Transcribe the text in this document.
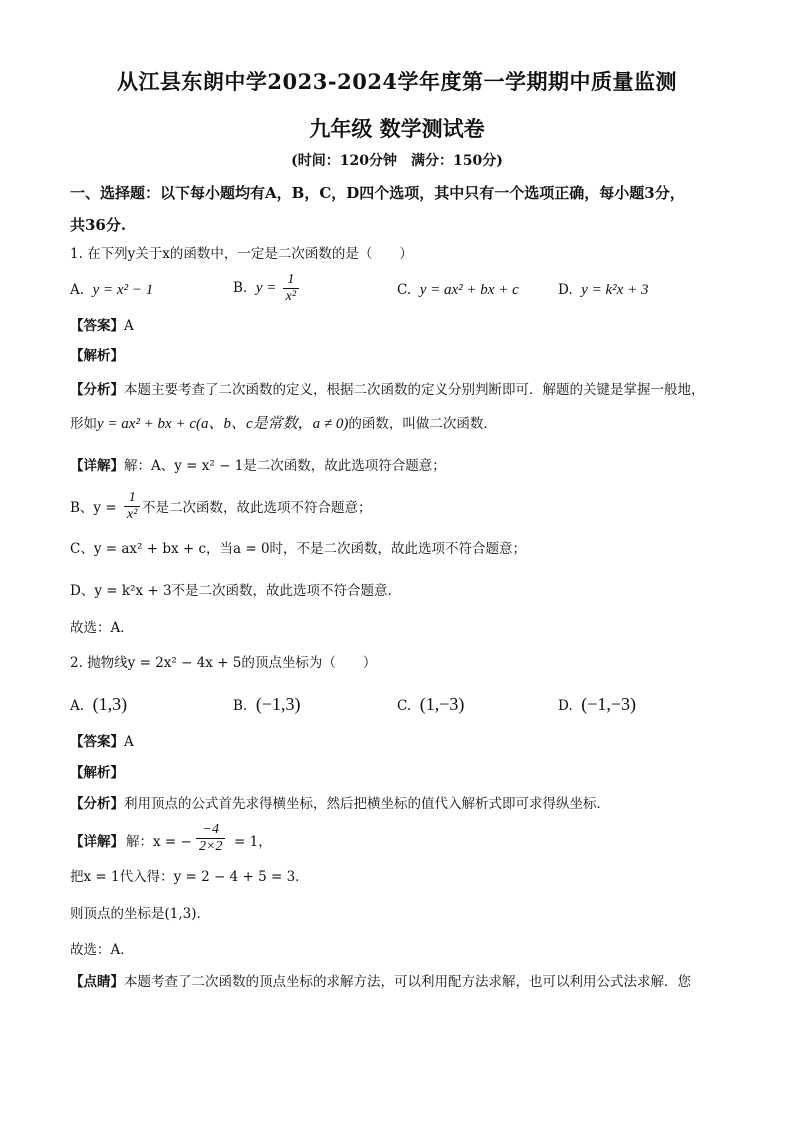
从江县东朗中学2023-2024学年度第一学期期中质量监测
九年级 数学测试卷
(时间：120分钟　满分：150分)
一、选择题：以下每小题均有A，B，C，D四个选项，其中只有一个选项正确，每小题3分，
共36分.
1. 在下列y关于x的函数中，一定是二次函数的是（　　）
A. y = x² − 1	B. $y = \frac{1}{\text{x²}}$	C. y = ax² + bx + c	D. y = k²x + 3
【答案】A
【解析】
【分析】本题主要考查了二次函数的定义，根据二次函数的定义分别判断即可．解题的关键是掌握一般地，
形如y = ax² + bx + c(a、b、c是常数，a ≠ 0)的函数，叫做二次函数．
【详解】解：A、y = x² − 1是二次函数，故此选项符合题意；
B、$y = \frac{1}{\text{x²}}$ 不是二次函数，故此选项不符合题意；
C、y = ax² + bx + c，当a = 0时，不是二次函数，故此选项不符合题意；
D、y = k²x + 3不是二次函数，故此选项不符合题意．
故选：A．
2. 抛物线y = 2x² − 4x + 5的顶点坐标为（　　）
A. (1,3)	B. (−1,3)	C. (1,−3)	D. (−1,−3)
【答案】A
【解析】
【分析】利用顶点的公式首先求得横坐标，然后把横坐标的值代入解析式即可求得纵坐标．
【详解】 解：x = − $\frac{-4}{2\times 2} = 1$，
把x = 1代入得：y = 2 − 4 + 5 = 3．
则顶点的坐标是(1,3)．
故选：A．
【点睛】本题考查了二次函数的顶点坐标的求解方法，可以利用配方法求解，也可以利用公式法求解．您
